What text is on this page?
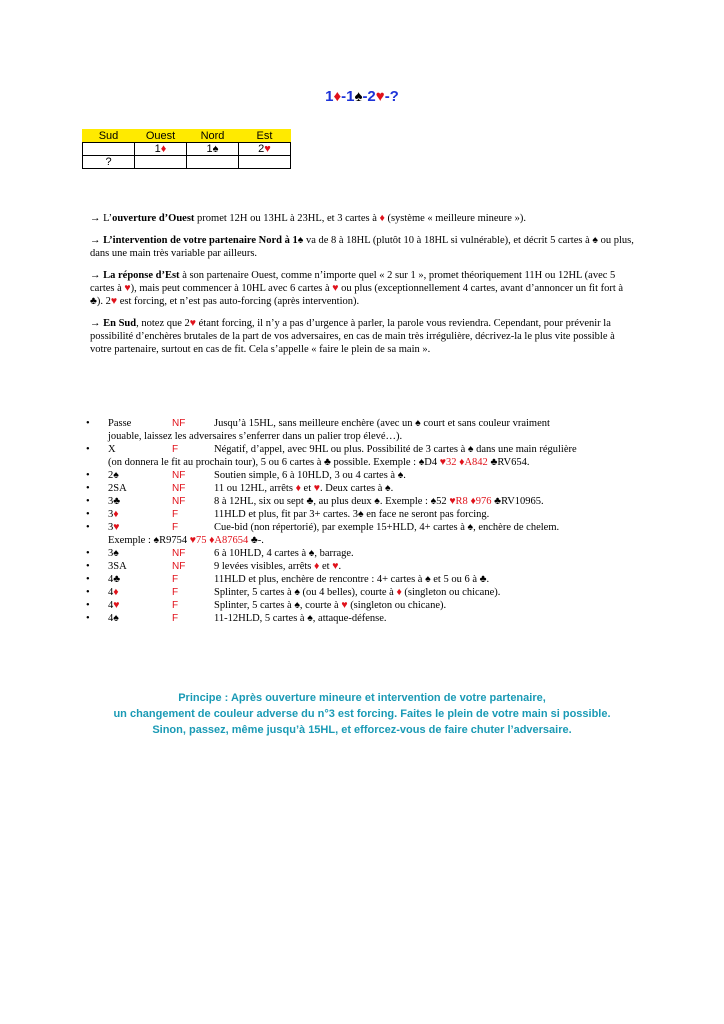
1♦-1♠-2♥-?
Sud	Ouest	Nord	Est
	1♦	1♠	2♥
?			

→ L’ouverture d’Ouest promet 12H ou 13HL à 23HL, et 3 cartes à ♦ (système « meilleure mineure »).

→ L’intervention de votre partenaire Nord à 1♠ va de 8 à 18HL (plutôt 10 à 18HL si vulnérable), et décrit 5 cartes à ♠ ou plus, dans une main très variable par ailleurs.

→ La réponse d’Est à son partenaire Ouest, comme n’importe quel « 2 sur 1 », promet théoriquement 11H ou 12HL (avec 5 cartes à ♥), mais peut commencer à 10HL avec 6 cartes à ♥ ou plus (exceptionnellement 4 cartes, avant d’annoncer un fit fort à ♣). 2♥ est forcing, et n’est pas auto-forcing (après intervention).

→ En Sud, notez que 2♥ étant forcing, il n’y a pas d’urgence à parler, la parole vous reviendra. Cependant, pour prévenir la possibilité d’enchères brutales de la part de vos adversaires, en cas de main très irrégulière, décrivez-la le plus vite possible à votre partenaire, surtout en cas de fit. Cela s’appelle « faire le plein de sa main ».

• Passe	NF	Jusqu’à 15HL, sans meilleure enchère (avec un ♠ court et sans couleur vraiment
jouable, laissez les adversaires s’enferrer dans un palier trop élevé…).
• X	F	Négatif, d’appel, avec 9HL ou plus. Possibilité de 3 cartes à ♠ dans une main régulière
(on donnera le fit au prochain tour), 5 ou 6 cartes à ♣ possible. Exemple : ♠D4 ♥32 ♦A842 ♣RV654.
• 2♠	NF	Soutien simple, 6 à 10HLD, 3 ou 4 cartes à ♠.
• 2SA	NF	11 ou 12HL, arrêts ♦ et ♥. Deux cartes à ♠.
• 3♣	NF	8 à 12HL, six ou sept ♣, au plus deux ♠. Exemple : ♠52 ♥R8 ♦976 ♣RV10965.
• 3♦	F	11HLD et plus, fit par 3+ cartes. 3♠ en face ne seront pas forcing.
• 3♥	F	Cue-bid (non répertorié), par exemple 15+HLD, 4+ cartes à ♠, enchère de chelem.
Exemple : ♠R9754 ♥75 ♦A87654 ♣-.
• 3♠	NF	6 à 10HLD, 4 cartes à ♠, barrage.
• 3SA	NF	9 levées visibles, arrêts ♦ et ♥.
• 4♣	F	11HLD et plus, enchère de rencontre : 4+ cartes à ♠ et 5 ou 6 à ♣.
• 4♦	F	Splinter, 5 cartes à ♠ (ou 4 belles), courte à ♦ (singleton ou chicane).
• 4♥	F	Splinter, 5 cartes à ♠, courte à ♥ (singleton ou chicane).
• 4♠	F	11-12HLD, 5 cartes à ♠, attaque-défense.
Principe : Après ouverture mineure et intervention de votre partenaire,
un changement de couleur adverse du n°3 est forcing. Faites le plein de votre main si possible.
Sinon, passez, même jusqu’à 15HL, et efforcez-vous de faire chuter l’adversaire.
